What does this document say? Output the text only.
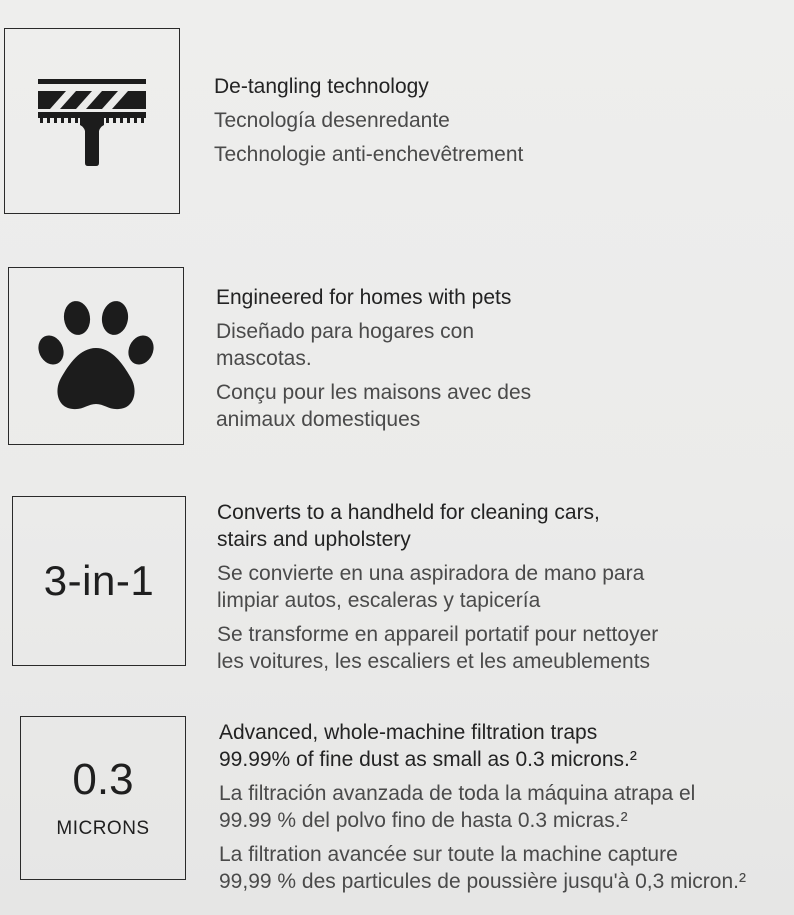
De-tangling technology
Tecnología desenredante
Technologie anti-enchevêtrement
Engineered for homes with pets
Diseñado para hogares con
mascotas.
Conçu pour les maisons avec des
animaux domestiques
3-in-1
Converts to a handheld for cleaning cars,
stairs and upholstery
Se convierte en una aspiradora de mano para
limpiar autos, escaleras y tapicería
Se transforme en appareil portatif pour nettoyer
les voitures, les escaliers et les ameublements
0.3
MICRONS
Advanced, whole-machine filtration traps
99.99% of fine dust as small as 0.3 microns.²
La filtración avanzada de toda la máquina atrapa el
99.99 % del polvo fino de hasta 0.3 micras.²
La filtration avancée sur toute la machine capture
99,99 % des particules de poussière jusqu'à 0,3 micron.²
